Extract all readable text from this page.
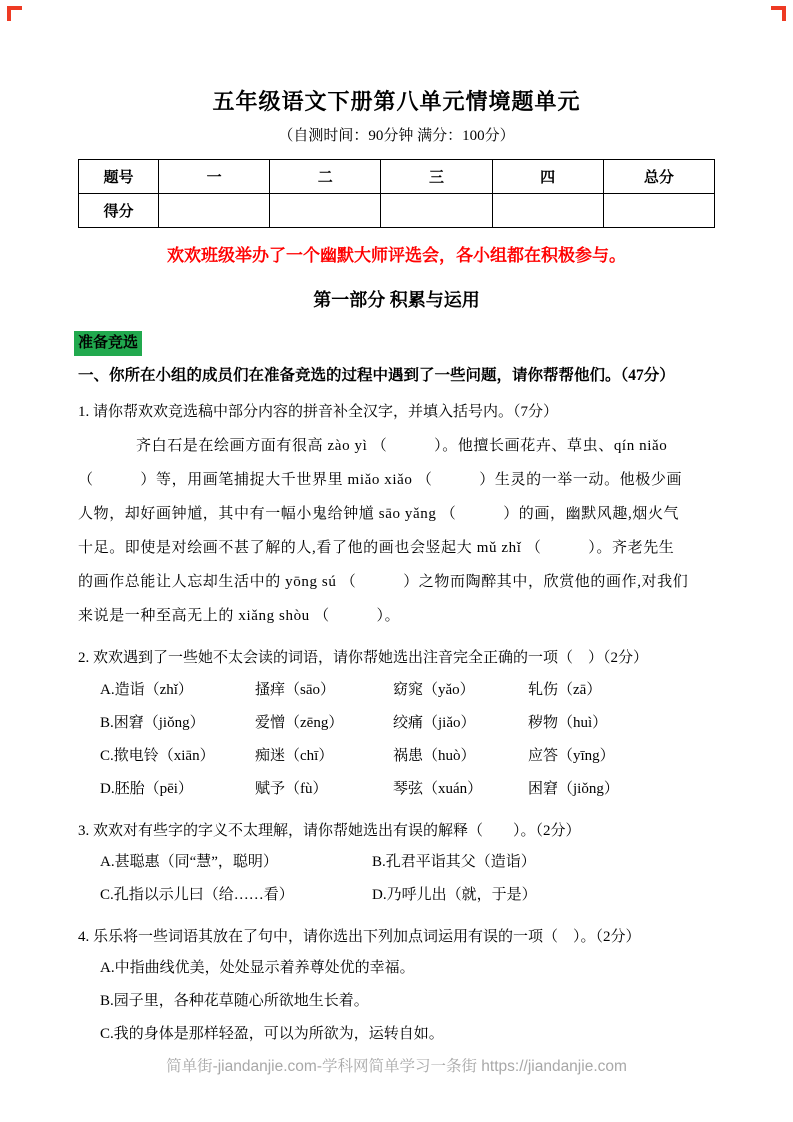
五年级语文下册第八单元情境题单元
（自测时间：90分钟 满分：100分）
题号	一	二	三	四	总分
得分					
欢欢班级举办了一个幽默大师评选会，各小组都在积极参与。
第一部分 积累与运用
准备竞选
一、你所在小组的成员们在准备竞选的过程中遇到了一些问题，请你帮帮他们。（47分）
1. 请你帮欢欢竞选稿中部分内容的拼音补全汉字，并填入括号内。（7分）
齐白石是在绘画方面有很高 zào yì （　　　）。他擅长画花卉、草虫、qín niǎo
（　　　）等，用画笔捕捉大千世界里 miǎo xiǎo （　　　）生灵的一举一动。他极少画
人物，却好画钟馗，其中有一幅小鬼给钟馗 sāo yǎng （　　　）的画，幽默风趣,烟火气
十足。即使是对绘画不甚了解的人,看了他的画也会竖起大 mǔ zhǐ （　　　）。齐老先生
的画作总能让人忘却生活中的 yōng sú （　　　）之物而陶醉其中，欣赏他的画作,对我们
来说是一种至高无上的 xiǎng shòu （　　　）。
2. 欢欢遇到了一些她不太会读的词语，请你帮她选出注音完全正确的一项（　）（2分）
A.造诣（zhǐ）	搔痒（sāo）	窈窕（yǎo）	轧伤（zā）
B.困窘（jiǒng）	爱憎（zēng）	绞痛（jiǎo）	秽物（huì）
C.揿电铃（xiān）	痴迷（chī）	祸患（huò）	应答（yīng）
D.胚胎（pēi）	赋予（fù）	琴弦（xuán）	困窘（jiǒng）
3. 欢欢对有些字的字义不太理解，请你帮她选出有误的解释（　　）。（2分）
A.甚聪惠（同“慧”，聪明）	B.孔君平诣其父（造诣）
C.孔指以示儿曰（给……看）	D.乃呼儿出（就，于是）
4. 乐乐将一些词语其放在了句中，请你选出下列加点词运用有误的一项（　）。（2分）
A.中指曲线优美，处处显示着养尊处优的幸福。
B.园子里，各种花草随心所欲地生长着。
C.我的身体是那样轻盈，可以为所欲为，运转自如。
简单街-jiandanjie.com-学科网简单学习一条街 https://jiandanjie.com
